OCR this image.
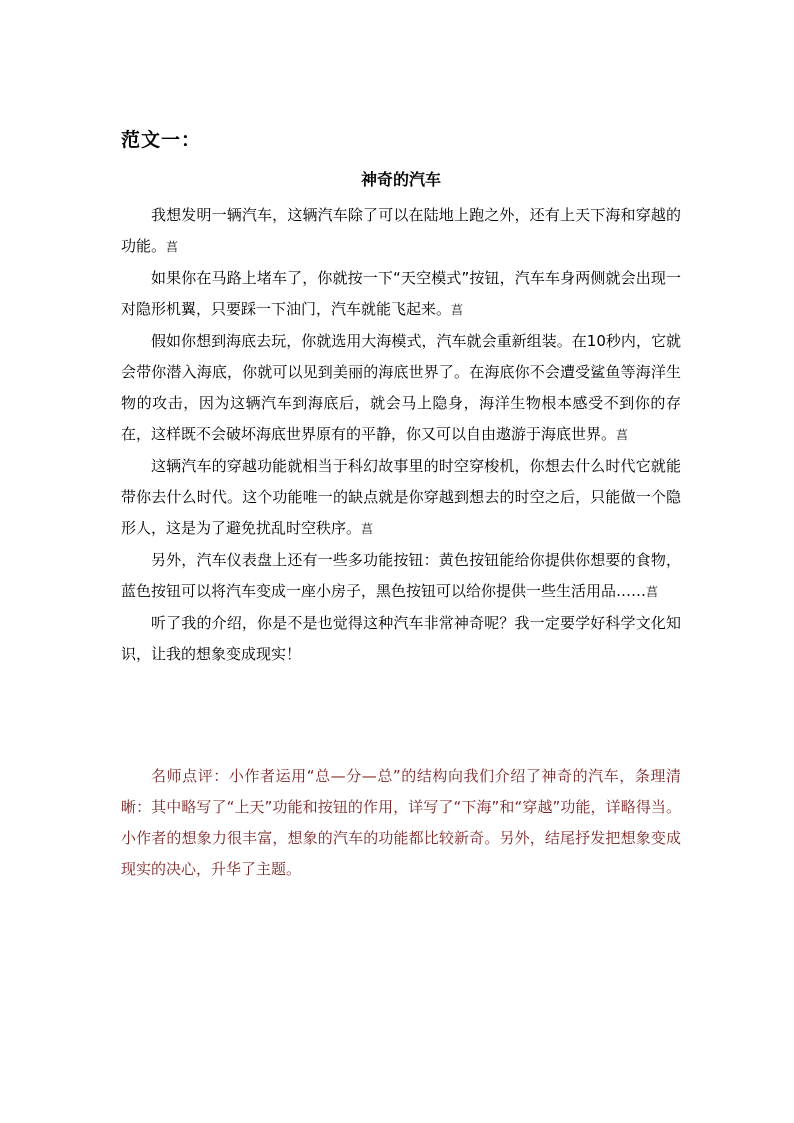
范文一：
神奇的汽车

我想发明一辆汽车，这辆汽车除了可以在陆地上跑之外，还有上天下海和穿越的功能。菖

如果你在马路上堵车了，你就按一下“天空模式”按钮，汽车车身两侧就会出现一对隐形机翼，只要踩一下油门，汽车就能飞起来。菖

假如你想到海底去玩，你就选用大海模式，汽车就会重新组装。在10秒内，它就会带你潜入海底，你就可以见到美丽的海底世界了。在海底你不会遭受鲨鱼等海洋生物的攻击，因为这辆汽车到海底后，就会马上隐身，海洋生物根本感受不到你的存在，这样既不会破坏海底世界原有的平静，你又可以自由遨游于海底世界。菖

这辆汽车的穿越功能就相当于科幻故事里的时空穿梭机，你想去什么时代它就能带你去什么时代。这个功能唯一的缺点就是你穿越到想去的时空之后，只能做一个隐形人，这是为了避免扰乱时空秩序。菖

另外，汽车仪表盘上还有一些多功能按钮：黄色按钮能给你提供你想要的食物，蓝色按钮可以将汽车变成一座小房子，黑色按钮可以给你提供一些生活用品……菖

听了我的介绍，你是不是也觉得这种汽车非常神奇呢？我一定要学好科学文化知识，让我的想象变成现实！

名师点评：小作者运用“总—分—总”的结构向我们介绍了神奇的汽车，条理清晰：其中略写了“上天”功能和按钮的作用，详写了“下海”和“穿越”功能，详略得当。小作者的想象力很丰富，想象的汽车的功能都比较新奇。另外，结尾抒发把想象变成现实的决心，升华了主题。
